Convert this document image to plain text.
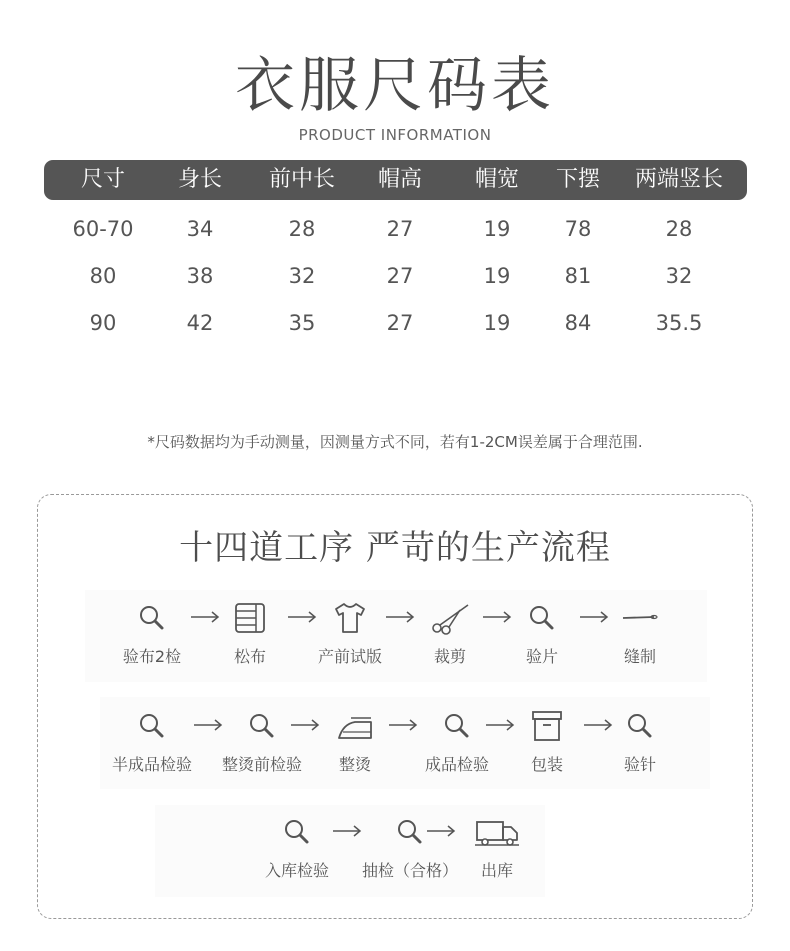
衣服尺码表
PRODUCT INFORMATION
尺寸 身长 前中长 帽高 帽宽 下摆 两端竖长
60-70	34	28	27	19	78	28
80	38	32	27	19	81	32
90	42	35	27	19	84	35.5
*尺码数据均为手动测量，因测量方式不同，若有1-2CM误差属于合理范围.
十四道工序 严苛的生产流程
验布2检	松布	产前试版	裁剪	验片	缝制
半成品检验	整烫前检验	整烫	成品检验	包装	验针
入库检验	抽检（合格）	出库
